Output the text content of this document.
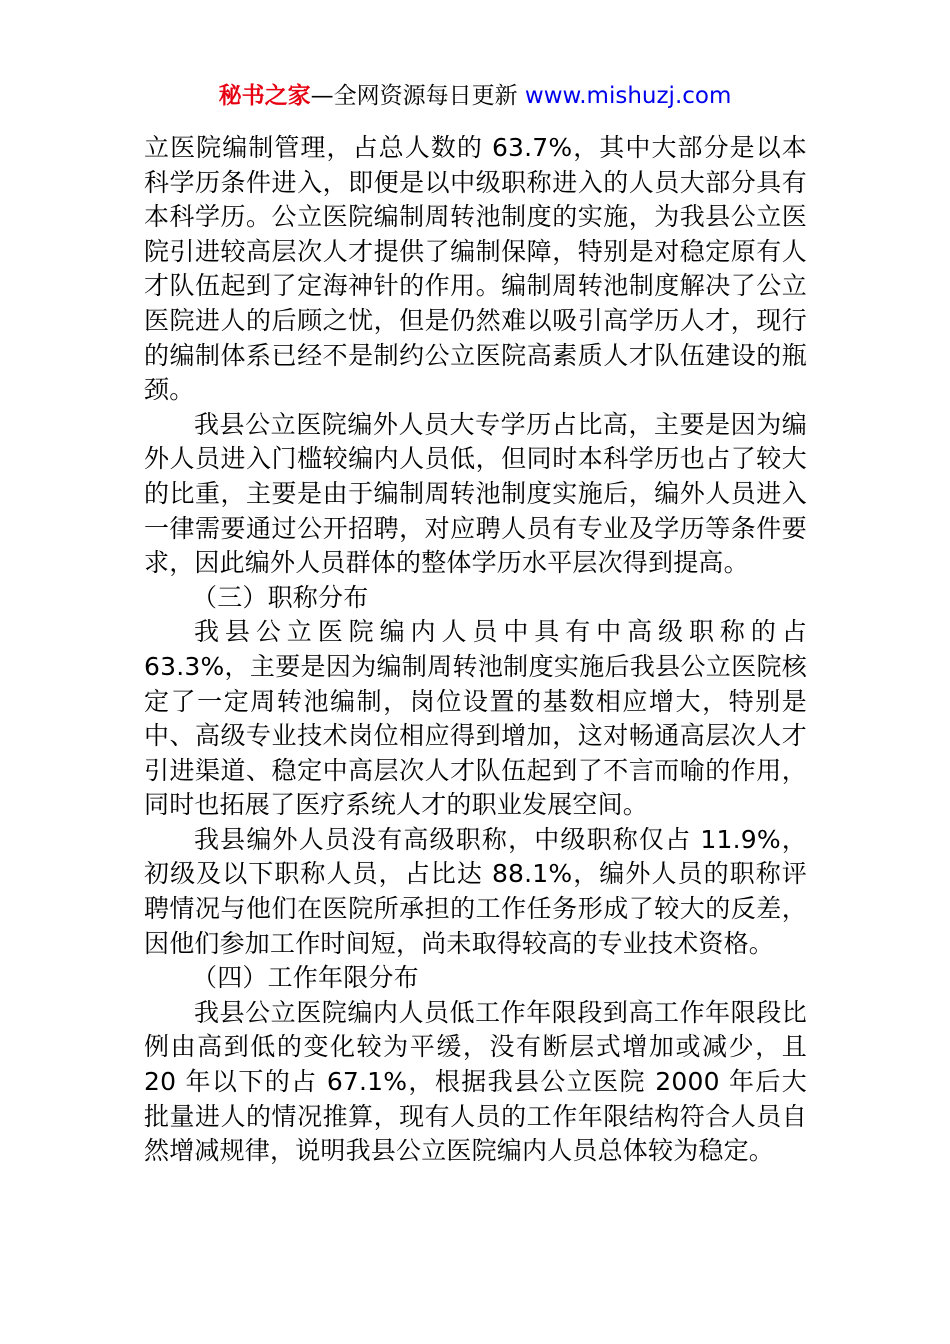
秘书之家—全网资源每日更新 www.mishuzj.com

立医院编制管理，占总人数的 63.7%，其中大部分是以本科学历条件进入，即便是以中级职称进入的人员大部分具有本科学历。公立医院编制周转池制度的实施，为我县公立医院引进较高层次人才提供了编制保障，特别是对稳定原有人才队伍起到了定海神针的作用。编制周转池制度解决了公立医院进人的后顾之忧，但是仍然难以吸引高学历人才，现行的编制体系已经不是制约公立医院高素质人才队伍建设的瓶颈。

我县公立医院编外人员大专学历占比高，主要是因为编外人员进入门槛较编内人员低，但同时本科学历也占了较大的比重，主要是由于编制周转池制度实施后，编外人员进入一律需要通过公开招聘，对应聘人员有专业及学历等条件要求，因此编外人员群体的整体学历水平层次得到提高。

（三）职称分布

我县公立医院编内人员中具有中高级职称的占 63.3%，主要是因为编制周转池制度实施后我县公立医院核定了一定周转池编制，岗位设置的基数相应增大，特别是中、高级专业技术岗位相应得到增加，这对畅通高层次人才引进渠道、稳定中高层次人才队伍起到了不言而喻的作用，同时也拓展了医疗系统人才的职业发展空间。

我县编外人员没有高级职称，中级职称仅占 11.9%，初级及以下职称人员，占比达 88.1%，编外人员的职称评聘情况与他们在医院所承担的工作任务形成了较大的反差，因他们参加工作时间短，尚未取得较高的专业技术资格。

（四）工作年限分布

我县公立医院编内人员低工作年限段到高工作年限段比例由高到低的变化较为平缓，没有断层式增加或减少，且 20 年以下的占 67.1%，根据我县公立医院 2000 年后大批量进人的情况推算，现有人员的工作年限结构符合人员自然增减规律，说明我县公立医院编内人员总体较为稳定。
